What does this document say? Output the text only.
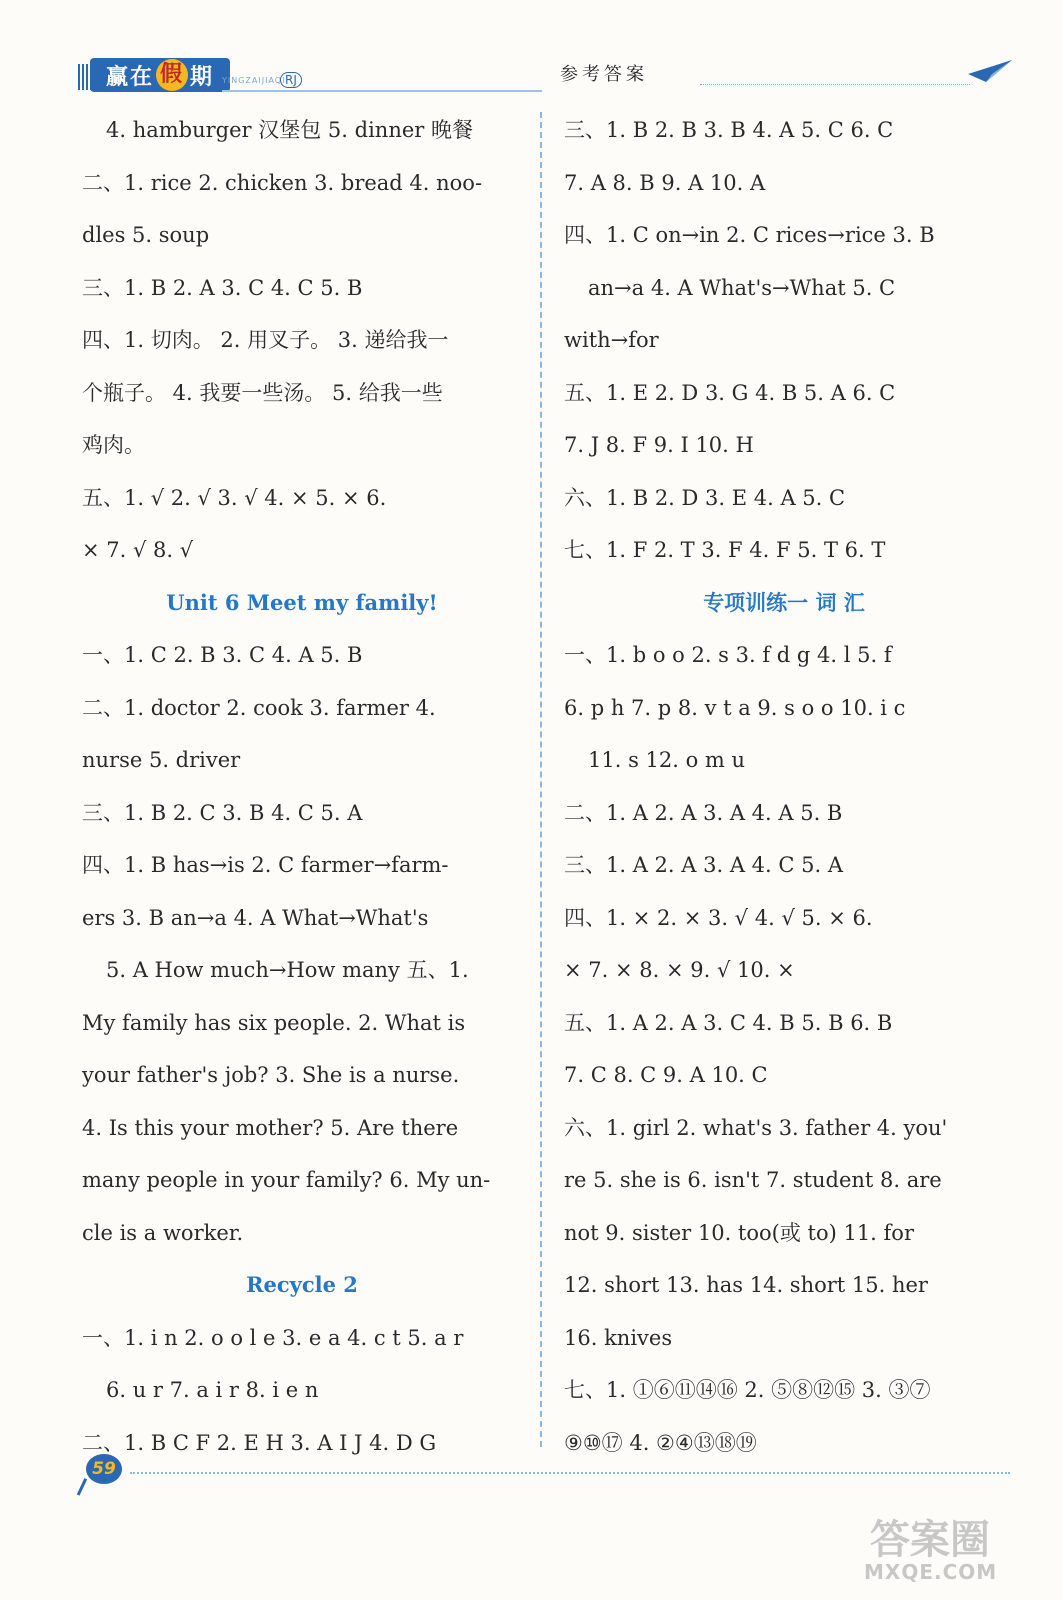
赢在 假 期 YINGZAIJIAQI RJ	参考答案
4. hamburger 汉堡包 5. dinner 晚餐
二、1. rice 2. chicken 3. bread 4. noo-
dles 5. soup
三、1. B 2. A 3. C 4. C 5. B
四、1. 切肉。 2. 用叉子。 3. 递给我一
个瓶子。 4. 我要一些汤。 5. 给我一些
鸡肉。
五、1. √ 2. √ 3. √ 4. × 5. × 6.
× 7. √ 8. √
Unit 6 Meet my family!
一、1. C 2. B 3. C 4. A 5. B
二、1. doctor 2. cook 3. farmer 4.
nurse 5. driver
三、1. B 2. C 3. B 4. C 5. A
四、1. B has→is 2. C farmer→farm-
ers 3. B an→a 4. A What→What's
5. A How much→How many 五、1.
My family has six people. 2. What is
your father's job? 3. She is a nurse.
4. Is this your mother? 5. Are there
many people in your family? 6. My un-
cle is a worker.
Recycle 2
一、1. i n 2. o o l e 3. e a 4. c t 5. a r
6. u r 7. a i r 8. i e n
二、1. B C F 2. E H 3. A I J 4. D G
三、1. B 2. B 3. B 4. A 5. C 6. C
7. A 8. B 9. A 10. A
四、1. C on→in 2. C rices→rice 3. B
an→a 4. A What's→What 5. C
with→for
五、1. E 2. D 3. G 4. B 5. A 6. C
7. J 8. F 9. I 10. H
六、1. B 2. D 3. E 4. A 5. C
七、1. F 2. T 3. F 4. F 5. T 6. T
专项训练一 词 汇
一、1. b o o 2. s 3. f d g 4. l 5. f
6. p h 7. p 8. v t a 9. s o o 10. i c
11. s 12. o m u
二、1. A 2. A 3. A 4. A 5. B
三、1. A 2. A 3. A 4. C 5. A
四、1. × 2. × 3. √ 4. √ 5. × 6.
× 7. × 8. × 9. √ 10. ×
五、1. A 2. A 3. C 4. B 5. B 6. B
7. C 8. C 9. A 10. C
六、1. girl 2. what's 3. father 4. you'
re 5. she is 6. isn't 7. student 8. are
not 9. sister 10. too(或 to) 11. for
12. short 13. has 14. short 15. her
16. knives
七、1. ①⑥⑪⑭⑯ 2. ⑤⑧⑫⑮ 3. ③⑦
⑨⑩⑰ 4. ②④⑬⑱⑲
59
答案圈
MXQE.COM
